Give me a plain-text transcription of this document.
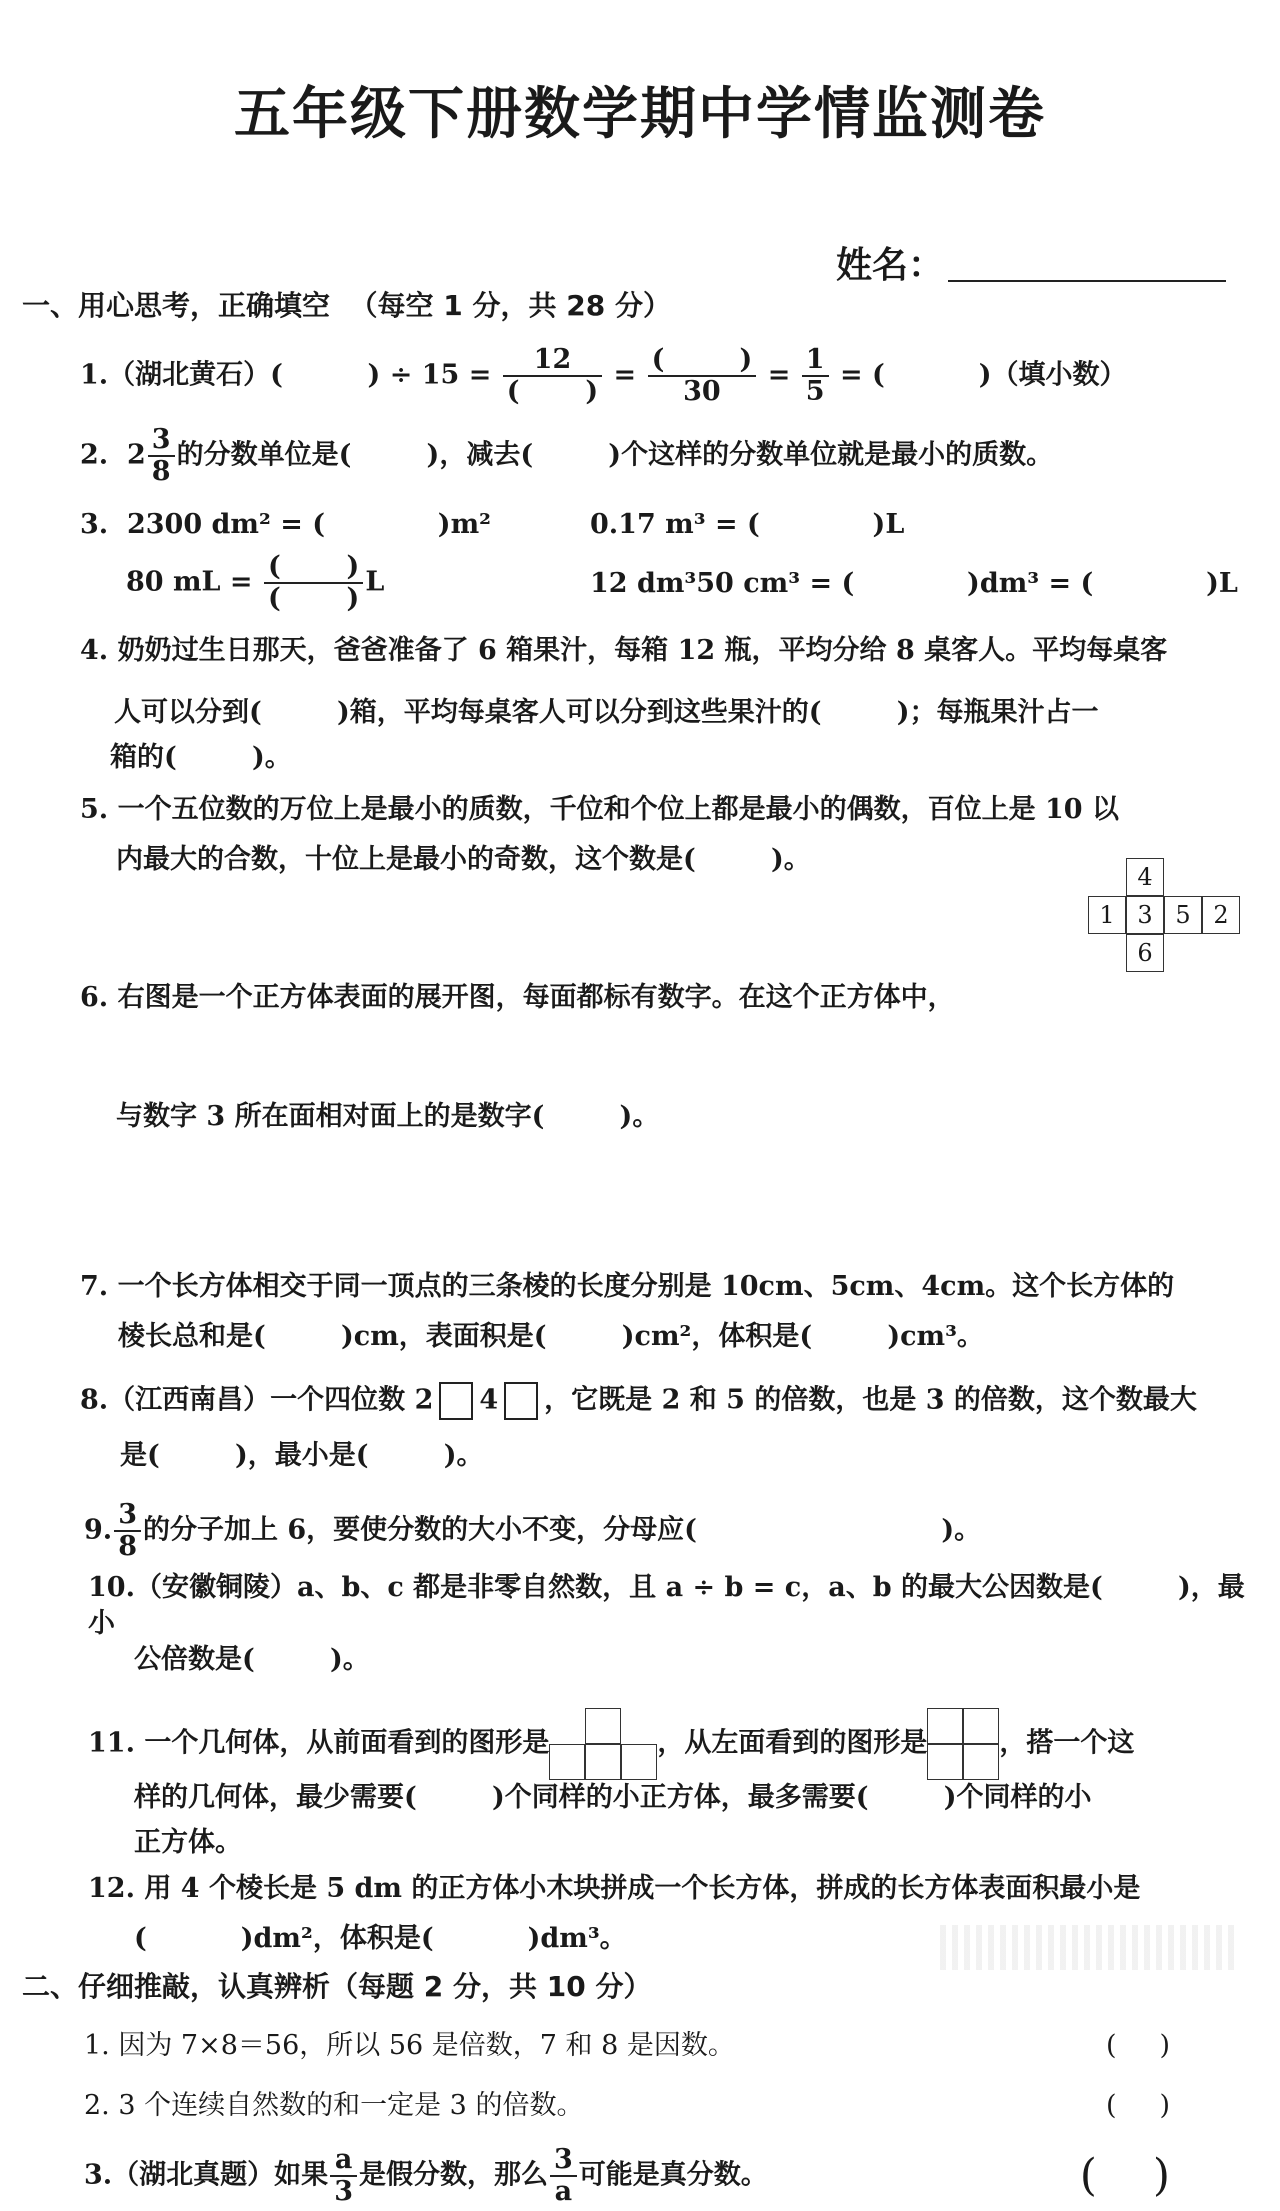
五年级下册数学期中学情监测卷
姓名：
一、用心思考，正确填空  （每空 1 分，共 28 分）
1.（湖北黄石）(         ) ÷ $15 = \frac{12}{( )} = \frac{( )}{30} = \frac{1}{5}$ = (          )（填小数）
2.  $2 \frac{3}{8}$ 的分数单位是(        )，减去(        )个这样的分数单位就是最小的质数。
3.  2300 dm² = (            )m²	0.17 m³ = (            )L
80 mL = $\frac{( )}{( )}$ L	12 dm³50 cm³ = (            )dm³ = (            )L
4. 奶奶过生日那天，爸爸准备了 6 箱果汁，每箱 12 瓶，平均分给 8 桌客人。平均每桌客
人可以分到(        )箱，平均每桌客人可以分到这些果汁的(        )；每瓶果汁占一
箱的(        )。
5. 一个五位数的万位上是最小的质数，千位和个位上都是最小的偶数，百位上是 10 以
内最大的合数，十位上是最小的奇数，这个数是(        )。

6. 右图是一个正方体表面的展开图，每面都标有数字。在这个正方体中，

与数字 3 所在面相对面上的是数字(        )。

4

1

3

5

2

6

7. 一个长方体相交于同一顶点的三条棱的长度分别是 10cm、5cm、4cm。这个长方体的
棱长总和是(        )cm，表面积是(        )cm²，体积是(        )cm³。
8.（江西南昌）一个四位数 2 4 ，它既是 2 和 5 的倍数，也是 3 的倍数，这个数最大
是(        )，最小是(        )。
9. $\frac{3}{8}$ 的分子加上 6，要使分数的大小不变，分母应(                          )。
10.（安徽铜陵）a、b、c 都是非零自然数，且 a ÷ b = c，a、b 的最大公因数是(        )，最小
公倍数是(        )。
11. 一个几何体，从前面看到的图形是	，从左面看到的图形是	，搭一个这
样的几何体，最少需要(        )个同样的小正方体，最多需要(        )个同样的小
正方体。
12. 用 4 个棱长是 5 dm 的正方体小木块拼成一个长方体，拼成的长方体表面积最小是
(          )dm²，体积是(          )dm³。
二、仔细推敲，认真辨析（每题 2 分，共 10 分）
1. 因为 7×8＝56，所以 56 是倍数，7 和 8 是因数。	(     )
2. 3 个连续自然数的和一定是 3 的倍数。	(     )
3.（湖北真题）如果 $\frac{a}{3}$ 是假分数，那么 $\frac{3}{a}$ 可能是真分数。	(    )
